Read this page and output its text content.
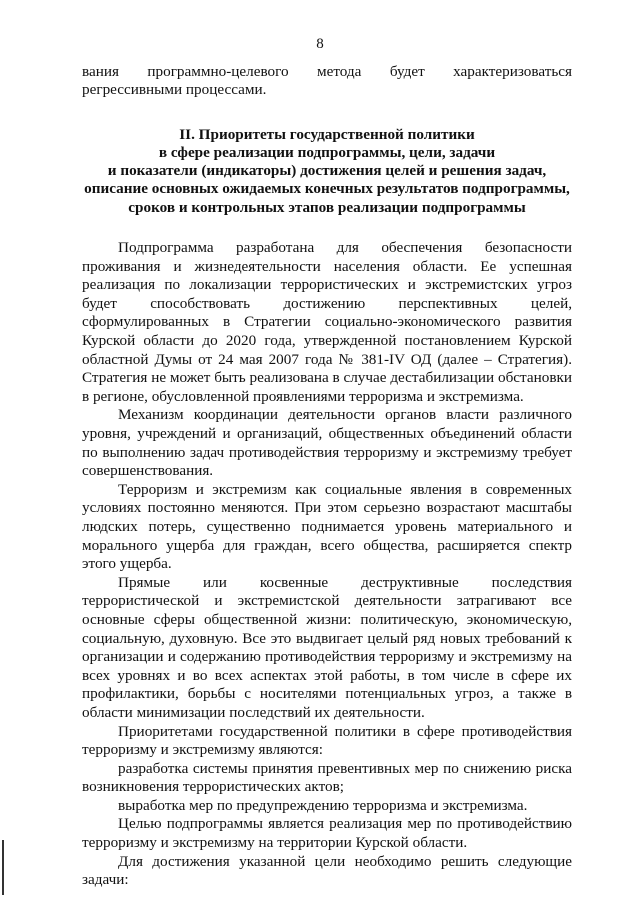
8

вания программно-целевого метода будет характеризоваться регрессивными процессами.

II. Приоритеты государственной политики
в сфере реализации подпрограммы, цели, задачи
и показатели (индикаторы) достижения целей и решения задач,
описание основных ожидаемых конечных результатов подпрограммы,
сроков и контрольных этапов реализации подпрограммы

Подпрограмма разработана для обеспечения безопасности проживания и жизнедеятельности населения области. Ее успешная реализация по локализации террористических и экстремистских угроз будет способствовать достижению перспективных целей, сформулированных в Стратегии социально-экономического развития Курской области до 2020 года, утвержденной постановлением Курской областной Думы от 24 мая 2007 года № 381-IV ОД (далее – Стратегия). Стратегия не может быть реализована в случае дестабилизации обстановки в регионе, обусловленной проявлениями терроризма и экстремизма.

Механизм координации деятельности органов власти различного уровня, учреждений и организаций, общественных объединений области по выполнению задач противодействия терроризму и экстремизму требует совершенствования.

Терроризм и экстремизм как социальные явления в современных условиях постоянно меняются. При этом серьезно возрастают масштабы людских потерь, существенно поднимается уровень материального и морального ущерба для граждан, всего общества, расширяется спектр этого ущерба.

Прямые или косвенные деструктивные последствия террористической и экстремистской деятельности затрагивают все основные сферы общественной жизни: политическую, экономическую, социальную, духовную. Все это выдвигает целый ряд новых требований к организации и содержанию противодействия терроризму и экстремизму на всех уровнях и во всех аспектах этой работы, в том числе в сфере их профилактики, борьбы с носителями потенциальных угроз, а также в области минимизации последствий их деятельности.

Приоритетами государственной политики в сфере противодействия терроризму и экстремизму являются:

разработка системы принятия превентивных мер по снижению риска возникновения террористических актов;

выработка мер по предупреждению терроризма и экстремизма.

Целью подпрограммы является реализация мер по противодействию терроризму и экстремизму на территории Курской области.

Для достижения указанной цели необходимо решить следующие задачи:
